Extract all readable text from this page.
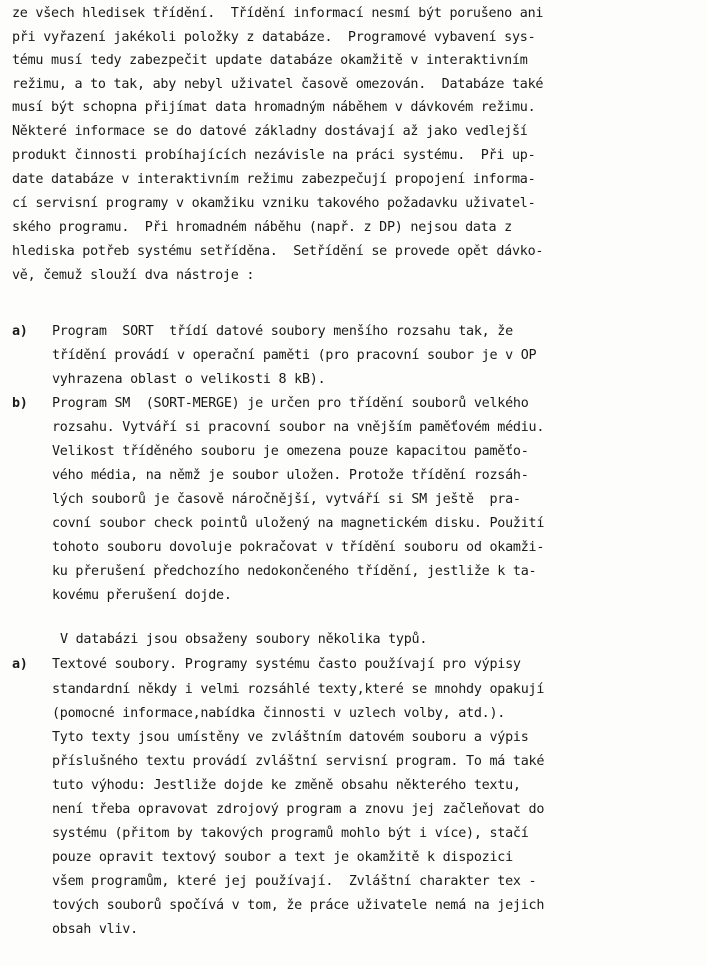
ze všech hledisek třídění.  Třídění informací nesmí být porušeno ani
při vyřazení jakékoli položky z databáze.  Programové vybavení sys-
tému musí tedy zabezpečit update databáze okamžitě v interaktivním
režimu, a to tak, aby nebyl uživatel časově omezován.  Databáze také
musí být schopna přijímat data hromadným náběhem v dávkovém režimu.
Některé informace se do datové základny dostávají až jako vedlejší
produkt činnosti probíhajících nezávisle na práci systému.  Při up-
date databáze v interaktivním režimu zabezpečují propojení informa-
cí servisní programy v okamžiku vzniku takového požadavku uživatel-
ského programu.  Při hromadném náběhu (např. z DP) nejsou data z
hlediska potřeb systému setříděna.  Setřídění se provede opět dávko-
vě, čemuž slouží dva nástroje :
a) Program  SORT  třídí datové soubory menšího rozsahu tak, že
třídění provádí v operační paměti (pro pracovní soubor je v OP
vyhrazena oblast o velikosti 8 kB).
b) Program SM  (SORT-MERGE) je určen pro třídění souborů velkého
rozsahu. Vytváří si pracovní soubor na vnějším paměťovém médiu.
Velikost tříděného souboru je omezena pouze kapacitou paměťo-
vého média, na němž je soubor uložen. Protože třídění rozsáh-
lých souborů je časově náročnější, vytváří si SM ještě  pra-
covní soubor check pointů uložený na magnetickém disku. Použití
tohoto souboru dovoluje pokračovat v třídění souboru od okamži-
ku přerušení předchozího nedokončeného třídění, jestliže k ta-
kovému přerušení dojde.
V databázi jsou obsaženy soubory několika typů.
a) Textové soubory. Programy systému často používají pro výpisy
standardní někdy i velmi rozsáhlé texty,které se mnohdy opakují
(pomocné informace,nabídka činnosti v uzlech volby, atd.).
Tyto texty jsou umístěny ve zvláštním datovém souboru a výpis
příslušného textu provádí zvláštní servisní program. To má také
tuto výhodu: Jestliže dojde ke změně obsahu některého textu,
není třeba opravovat zdrojový program a znovu jej začleňovat do
systému (přitom by takových programů mohlo být i více), stačí
pouze opravit textový soubor a text je okamžitě k dispozici
všem programům, které jej používají.  Zvláštní charakter tex -
tových souborů spočívá v tom, že práce uživatele nemá na jejich
obsah vliv.
